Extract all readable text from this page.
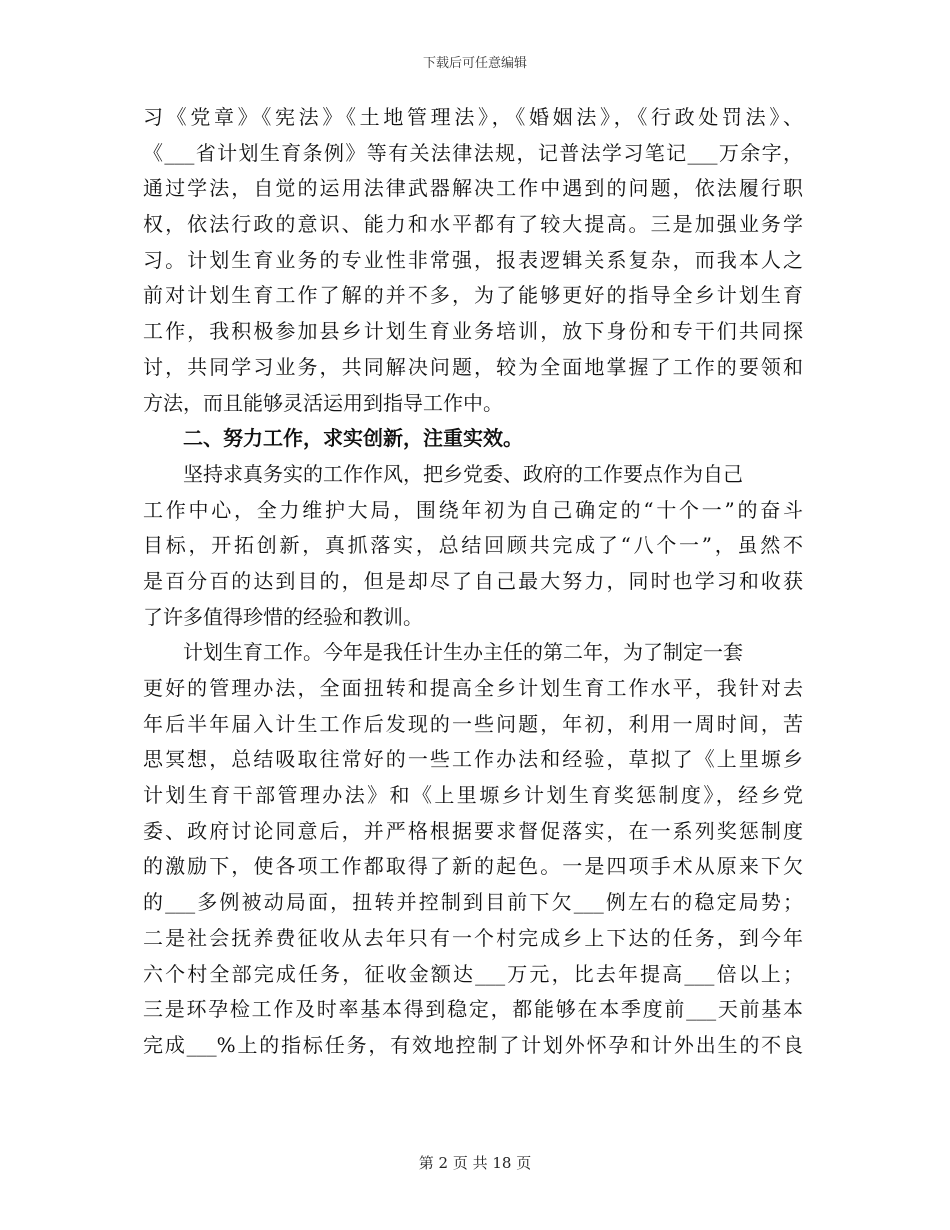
下载后可任意编辑
习《党章》《宪法》《土地管理法》，《婚姻法》，《行政处罚法》、
《___省计划生育条例》等有关法律法规，记普法学习笔记___万余字，
通过学法，自觉的运用法律武器解决工作中遇到的问题，依法履行职
权，依法行政的意识、能力和水平都有了较大提高。三是加强业务学
习。计划生育业务的专业性非常强，报表逻辑关系复杂，而我本人之
前对计划生育工作了解的并不多，为了能够更好的指导全乡计划生育
工作，我积极参加县乡计划生育业务培训，放下身份和专干们共同探
讨，共同学习业务，共同解决问题，较为全面地掌握了工作的要领和
方法，而且能够灵活运用到指导工作中。
二、努力工作，求实创新，注重实效。
坚持求真务实的工作作风，把乡党委、政府的工作要点作为自己
工作中心，全力维护大局，围绕年初为自己确定的“十个一”的奋斗
目标，开拓创新，真抓落实，总结回顾共完成了“八个一”，虽然不
是百分百的达到目的，但是却尽了自己最大努力，同时也学习和收获
了许多值得珍惜的经验和教训。
计划生育工作。今年是我任计生办主任的第二年，为了制定一套
更好的管理办法，全面扭转和提高全乡计划生育工作水平，我针对去
年后半年届入计生工作后发现的一些问题，年初，利用一周时间，苦
思冥想，总结吸取往常好的一些工作办法和经验，草拟了《上里塬乡
计划生育干部管理办法》和《上里塬乡计划生育奖惩制度》，经乡党
委、政府讨论同意后，并严格根据要求督促落实，在一系列奖惩制度
的激励下，使各项工作都取得了新的起色。一是四项手术从原来下欠
的___多例被动局面，扭转并控制到目前下欠___例左右的稳定局势；
二是社会抚养费征收从去年只有一个村完成乡上下达的任务，到今年
六个村全部完成任务，征收金额达___万元，比去年提高___倍以上；
三是环孕检工作及时率基本得到稳定，都能够在本季度前___天前基本
完成___%上的指标任务，有效地控制了计划外怀孕和计外出生的不良
第 2 页 共 18 页
